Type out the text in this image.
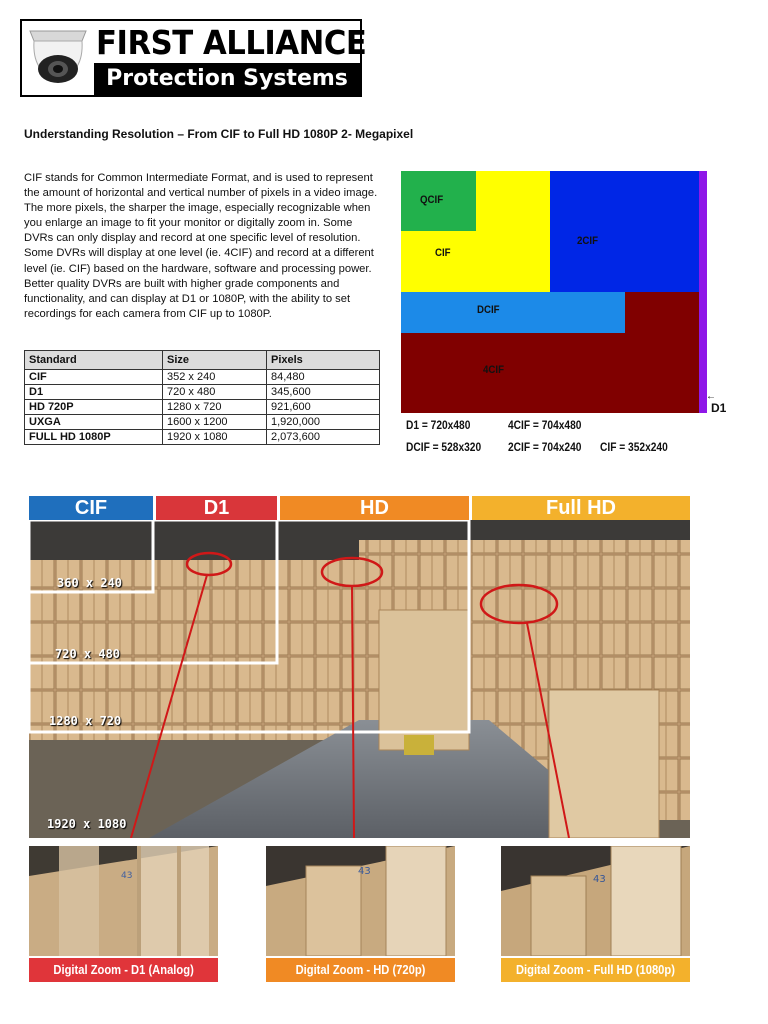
FIRST ALLIANCE
Protection Systems
Understanding Resolution – From CIF to Full HD 1080P 2- Megapixel
CIF stands for Common Intermediate Format, and is used to represent the amount of horizontal and vertical number of pixels in a video image. The more pixels, the sharper the image, especially recognizable when you enlarge an image to fit your monitor or digitally zoom in. Some DVRs can only display and record at one specific level of resolution. Some DVRs will display at one level (ie. 4CIF) and record at a different level (ie. CIF) based on the hardware, software and processing power. Better quality DVRs are built with higher grade components and functionality, and can display at D1 or 1080P, with the ability to set recordings for each camera from CIF up to 1080P.
Standard	Size	Pixels
CIF	352 x 240	84,480
D1	720 x 480	345,600
HD 720P	1280 x 720	921,600
UXGA	1600 x 1200	1,920,000
FULL HD 1080P	1920 x 1080	2,073,600
QCIF
CIF
2CIF
DCIF
4CIF
←
D1
D1 = 720x480	4CIF = 704x480
DCIF = 528x320 2CIF = 704x240 CIF = 352x240
CIF	D1	HD	Full HD
360 x 240
720 x 480
1280 x 720
1920 x 1080
43	43
43
Digital Zoom - D1 (Analog)	Digital Zoom - HD (720p)	Digital Zoom - Full HD (1080p)
